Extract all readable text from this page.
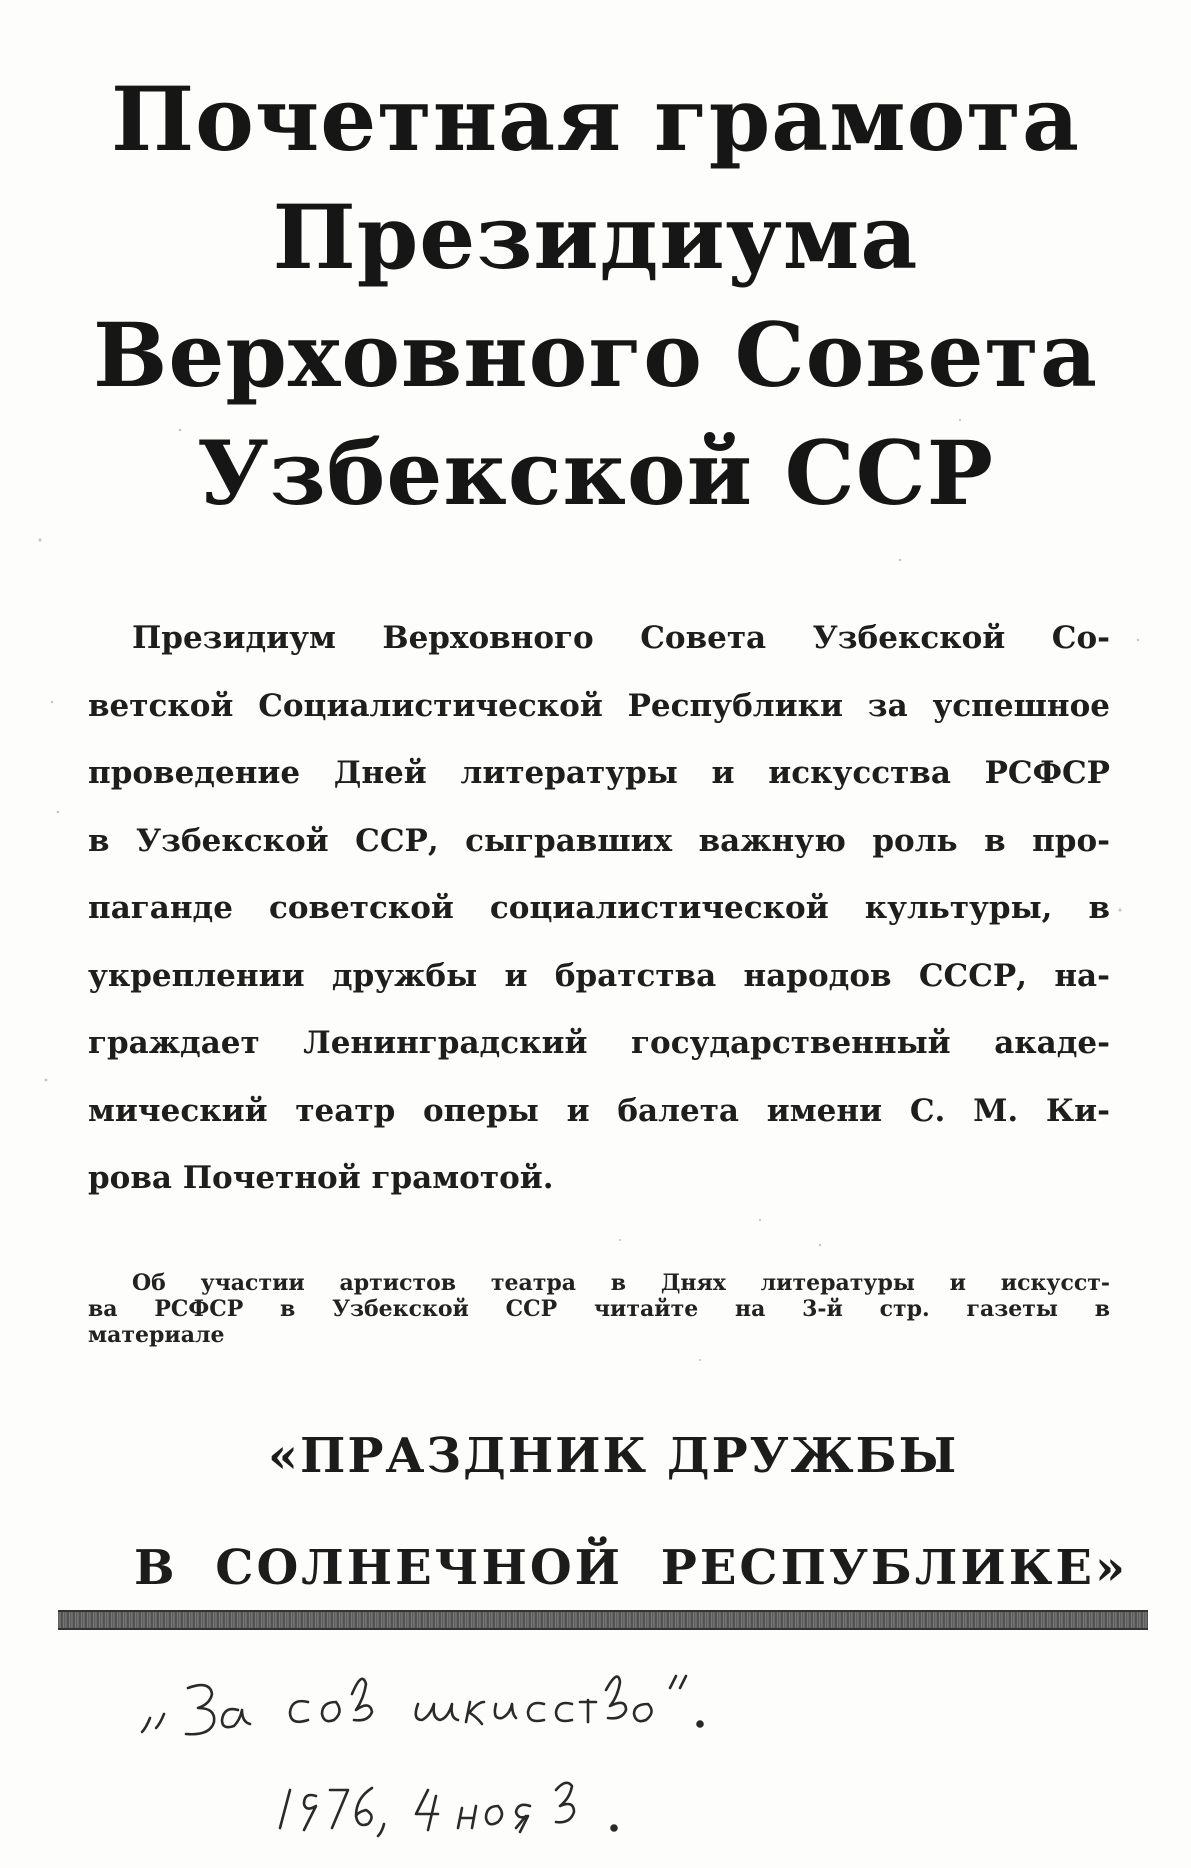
Почетная грамота
Президиума
Верховного Совета
Узбекской ССР

Президиум Верховного Совета Узбекской Со-
ветской Социалистической Республики за успешное
проведение Дней литературы и искусства РСФСР
в Узбекской ССР, сыгравших важную роль в про-
паганде советской социалистической культуры, в
укреплении дружбы и братства народов СССР, на-
граждает Ленинградский государственный акаде-
мический театр оперы и балета имени С. М. Ки-
рова Почетной грамотой.

Об участии артистов театра в Днях литературы и искусст-
ва РСФСР в Узбекской ССР читайте на 3-й стр. газеты в
материале

«ПРАЗДНИК ДРУЖБЫ
В СОЛНЕЧНОЙ РЕСПУБЛИКЕ»
